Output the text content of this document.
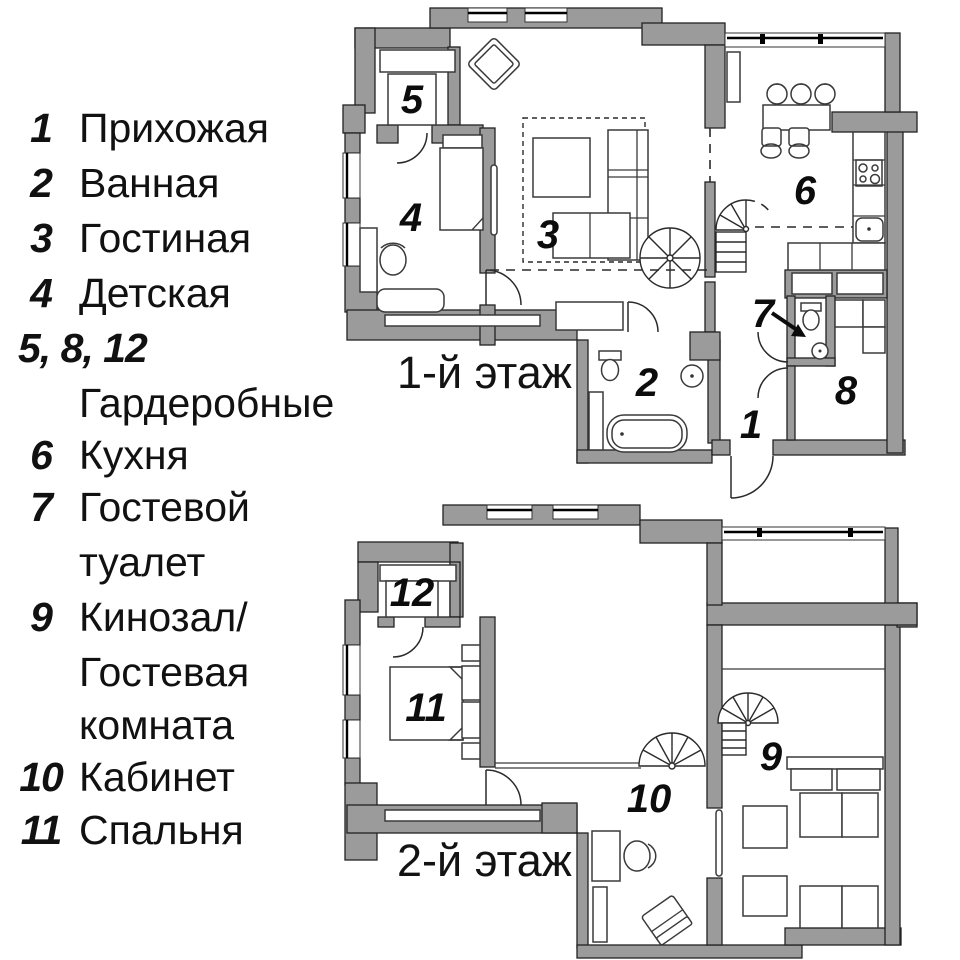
1 Прихожая
2 Ванная
3 Гостиная
4 Детская
5, 8, 12
Гардеробные
6 Кухня
7 Гостевой
туалет
9 Кинозал/
Гостевая
комната
10 Кабинет
11 Спальня
5
4	3
6
7
8
2
1
1-й этаж
12
11
10
9
2-й этаж
